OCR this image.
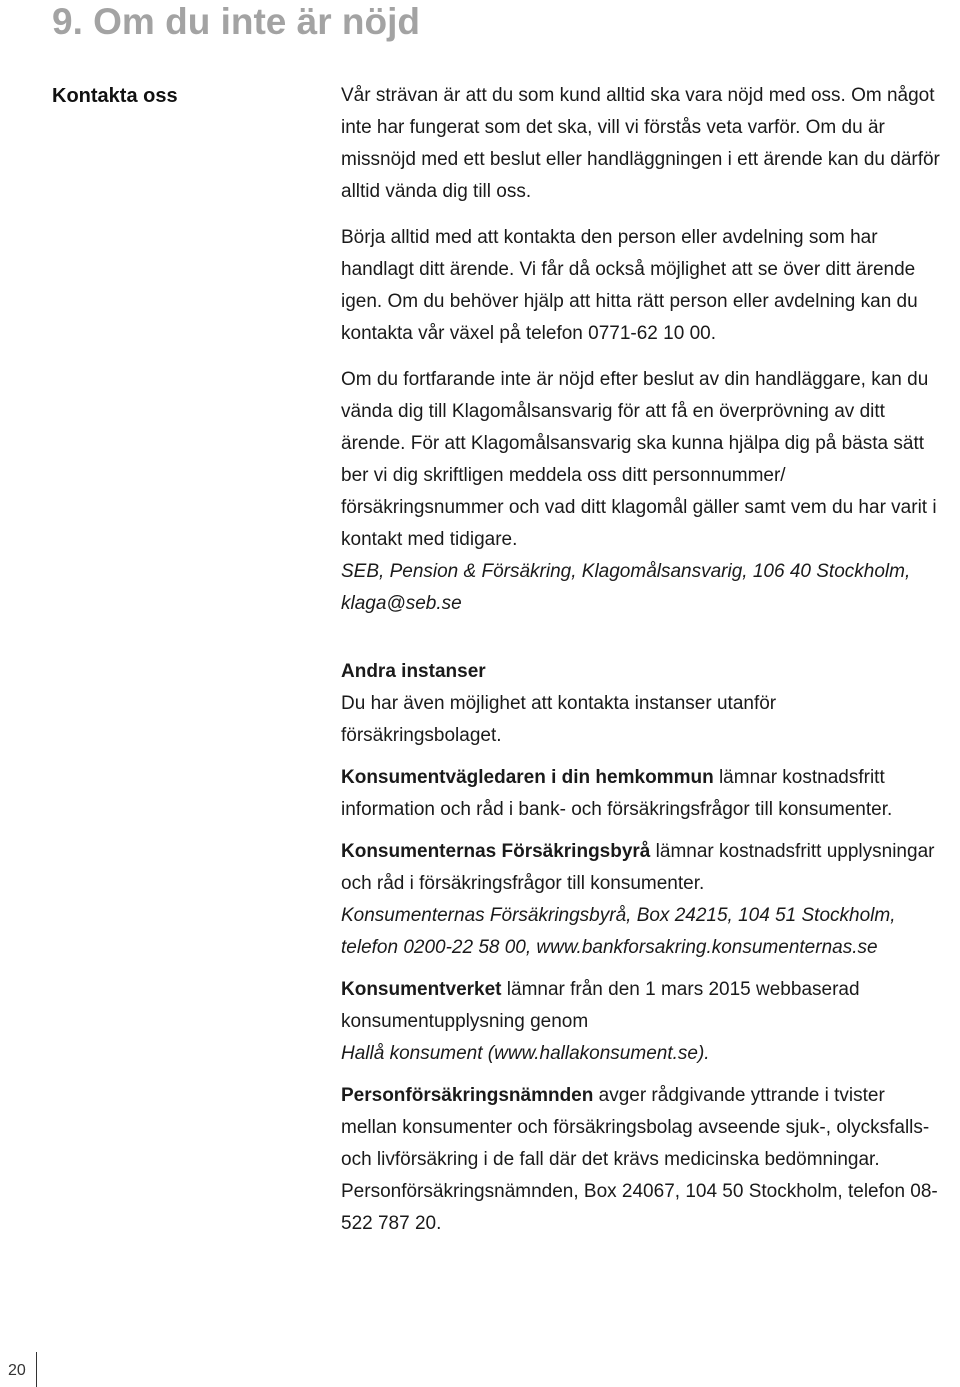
9. Om du inte är nöjd
Kontakta oss	Vår strävan är att du som kund alltid ska vara nöjd med oss. Om något inte har fungerat som det ska, vill vi förstås veta varför. Om du är missnöjd med ett beslut eller handläggningen i ett ärende kan du därför alltid vända dig till oss.

Börja alltid med att kontakta den person eller avdelning som har handlagt ditt ärende. Vi får då också möjlighet att se över ditt ärende igen. Om du behöver hjälp att hitta rätt person eller avdelning kan du kontakta vår växel på telefon 0771-62 10 00.

Om du fortfarande inte är nöjd efter beslut av din handläggare, kan du vända dig till Klagomålsansvarig för att få en överprövning av ditt ärende. För att Klagomålsansvarig ska kunna hjälpa dig på bästa sätt ber vi dig skriftligen meddela oss ditt personnummer/ försäkringsnummer och vad ditt klagomål gäller samt vem du har varit i kontakt med tidigare.

SEB, Pension & Försäkring, Klagomålsansvarig, 106 40 Stockholm, klaga@seb.se

Andra instanser
Du har även möjlighet att kontakta instanser utanför försäkringsbolaget.

Konsumentvägledaren i din hemkommun lämnar kostnadsfritt information och råd i bank- och försäkringsfrågor till konsumenter.

Konsumenternas Försäkringsbyrå lämnar kostnadsfritt upplysningar och råd i försäkringsfrågor till konsumenter.

Konsumenternas Försäkringsbyrå, Box 24215, 104 51 Stockholm, telefon 0200-22 58 00, www.bankforsakring.konsumenternas.se

Konsumentverket lämnar från den 1 mars 2015 webbaserad konsumentupplysning genom

Hallå konsument (www.hallakonsument.se).

Personförsäkringsnämnden avger rådgivande yttrande i tvister mellan konsumenter och försäkringsbolag avseende sjuk-, olycksfalls- och livförsäkring i de fall där det krävs medicinska bedömningar.

Personförsäkringsnämnden, Box 24067, 104 50 Stockholm, telefon 08-522 787 20.

20
